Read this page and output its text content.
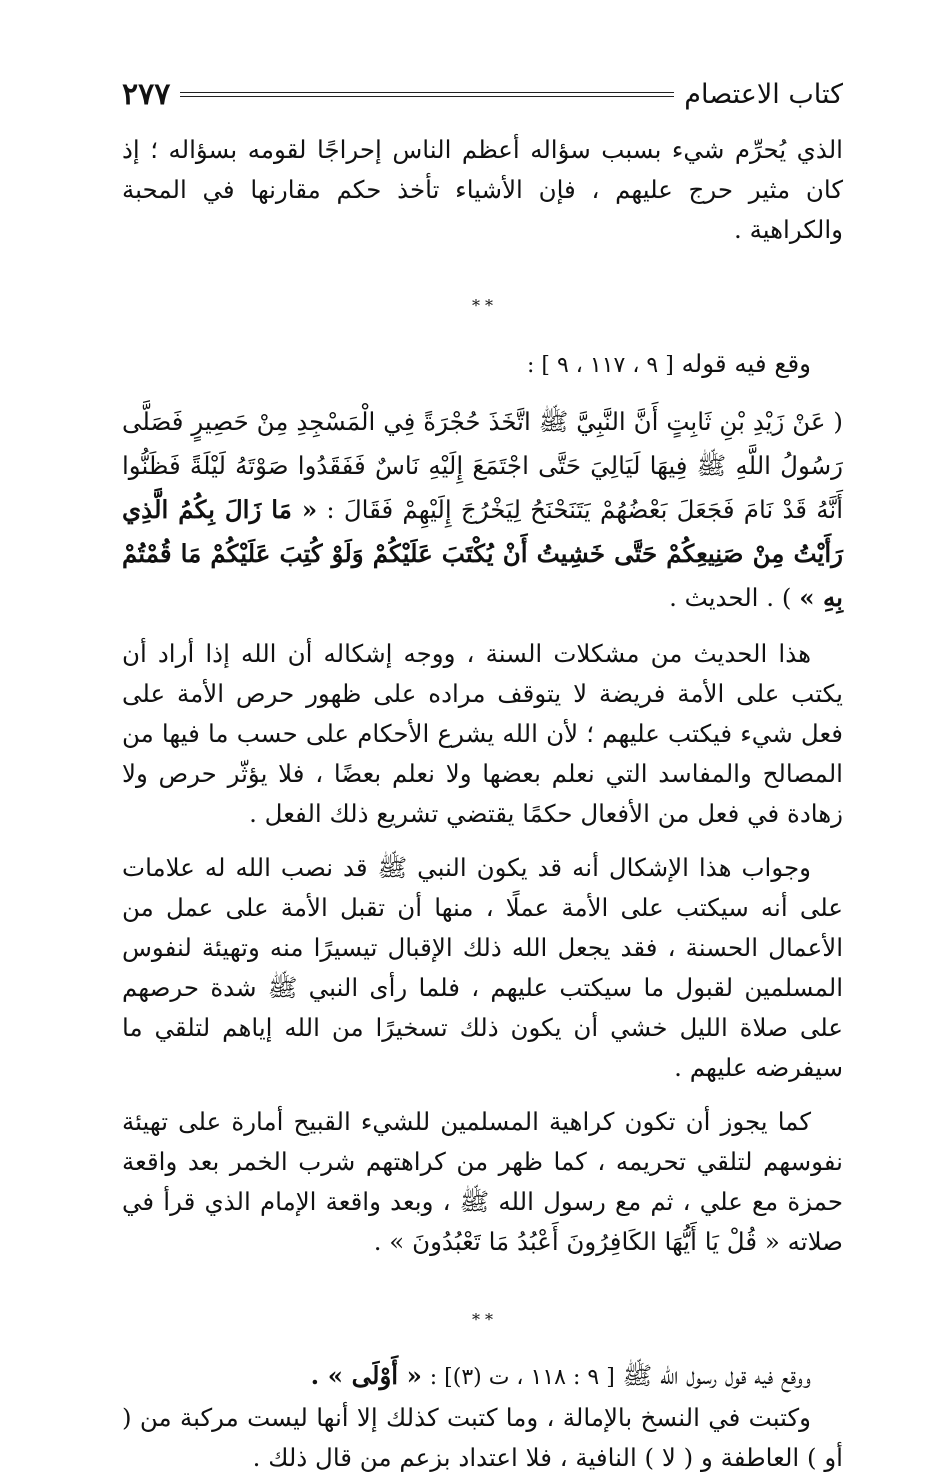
كتاب الاعتصام
٢٧٧

الذي يُحرِّم شيء بسبب سؤاله أعظم الناس إحراجًا لقومه بسؤاله ؛ إذ كان مثير حرج عليهم ، فإن الأشياء تأخذ حكم مقارنها في المحبة والكراهية .

* *

وقع فيه قوله [ ٩ ، ١١٧ ، ٩ ] :

( عَنْ زَيْدِ بْنِ ثَابِتٍ أَنَّ النَّبِيَّ ﷺ اتَّخَذَ حُجْرَةً فِي الْمَسْجِدِ مِنْ حَصِيرٍ فَصَلَّى رَسُولُ اللَّهِ ﷺ فِيهَا لَيَالِيَ حَتَّى اجْتَمَعَ إِلَيْهِ نَاسٌ فَفَقَدُوا صَوْتَهُ لَيْلَةً فَظَنُّوا أَنَّهُ قَدْ نَامَ فَجَعَلَ بَعْضُهُمْ يَتَنَحْنَحُ لِيَخْرُجَ إِلَيْهِمْ فَقَالَ : « مَا زَالَ بِكُمُ الَّذِي رَأَيْتُ مِنْ صَنِيعِكُمْ حَتَّى خَشِيتُ أَنْ يُكْتَبَ عَلَيْكُمْ وَلَوْ كُتِبَ عَلَيْكُمْ مَا قُمْتُمْ بِهِ » ) . الحديث .

هذا الحديث من مشكلات السنة ، ووجه إشكاله أن الله إذا أراد أن يكتب على الأمة فريضة لا يتوقف مراده على ظهور حرص الأمة على فعل شيء فيكتب عليهم ؛ لأن الله يشرع الأحكام على حسب ما فيها من المصالح والمفاسد التي نعلم بعضها ولا نعلم بعضًا ، فلا يؤثّر حرص ولا زهادة في فعل من الأفعال حكمًا يقتضي تشريع ذلك الفعل .

وجواب هذا الإشكال أنه قد يكون النبي ﷺ قد نصب الله له علامات على أنه سيكتب على الأمة عملًا ، منها أن تقبل الأمة على عمل من الأعمال الحسنة ، فقد يجعل الله ذلك الإقبال تيسيرًا منه وتهيئة لنفوس المسلمين لقبول ما سيكتب عليهم ، فلما رأى النبي ﷺ شدة حرصهم على صلاة الليل خشي أن يكون ذلك تسخيرًا من الله إياهم لتلقي ما سيفرضه عليهم .

كما يجوز أن تكون كراهية المسلمين للشيء القبيح أمارة على تهيئة نفوسهم لتلقي تحريمه ، كما ظهر من كراهتهم شرب الخمر بعد واقعة حمزة مع علي ، ثم مع رسول الله ﷺ ، وبعد واقعة الإمام الذي قرأ في صلاته « قُلْ يَا أَيُّهَا الكَافِرُونَ أَعْبُدُ مَا تَعْبُدُونَ » .

* *

ووقع فيه قول رسول الله ﷺ [ ٩ : ١١٨ ، ت (٣)] : « أَوْلَى » .

وكتبت في النسخ بالإمالة ، وما كتبت كذلك إلا أنها ليست مركبة من ( أو ) العاطفة و ( لا ) النافية ، فلا اعتداد بزعم من قال ذلك .
